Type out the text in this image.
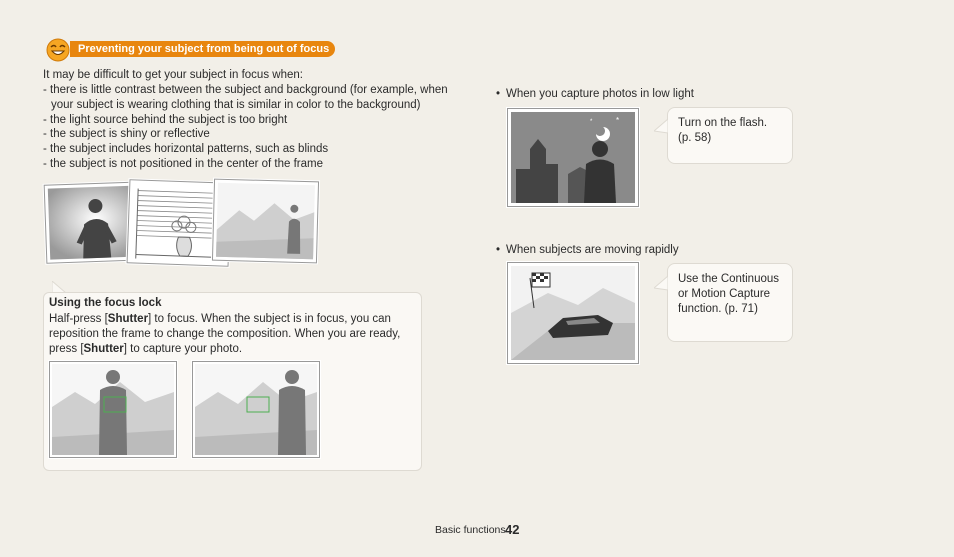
Preventing your subject from being out of focus
It may be difficult to get your subject in focus when:
- there is little contrast between the subject and background (for example, when your subject is wearing clothing that is similar in color to the background)
- the light source behind the subject is too bright
- the subject is shiny or reflective
- the subject includes horizontal patterns, such as blinds
- the subject is not positioned in the center of the frame
Using the focus lock
Half-press [Shutter] to focus. When the subject is in focus, you can reposition the frame to change the composition. When you are ready, press [Shutter] to capture your photo.
• When you capture photos in low light
*
*	Turn on the flash. (p. 58)
• When subjects are moving rapidly
Use the Continuous or Motion Capture function. (p. 71)
Basic functions 42
